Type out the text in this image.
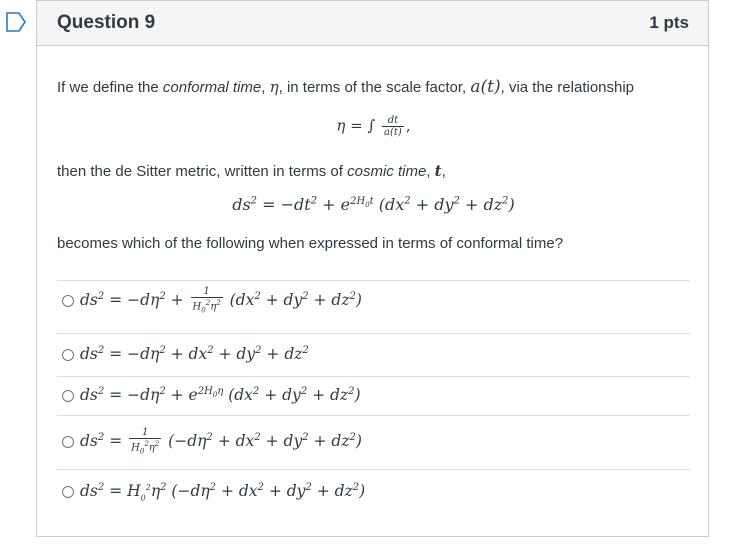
Question 9	1 pts
If we define the conformal time, η, in terms of the scale factor, a(t), via the relationship
η = ∫ $\frac{dt}{a(t)}$ ,
then the de Sitter metric, written in terms of cosmic time, t,
$ds^2 = -dt^2 + e^{2H_0t}$ $(dx^2 + dy^2 + dz^2)$
becomes which of the following when expressed in terms of conformal time?
$ds^2 = -d\eta^2 + \frac{1}{H_0^2\eta^2} (dx^2 + dy^2 + dz^2)$
$ds^2 = -d\eta^2 + dx^2 + dy^2 + dz^2$
$ds^2 = -d\eta^2 + e^{2H_0\eta}$ $(dx^2 + dy^2 + dz^2)$
$ds^2 = \frac{1}{H_0^2\eta^2} (-d\eta^2 + dx^2 + dy^2 + dz^2)$
$ds^2 = H_0^2\eta^2$ $(-d\eta^2 + dx^2 + dy^2 + dz^2)$
